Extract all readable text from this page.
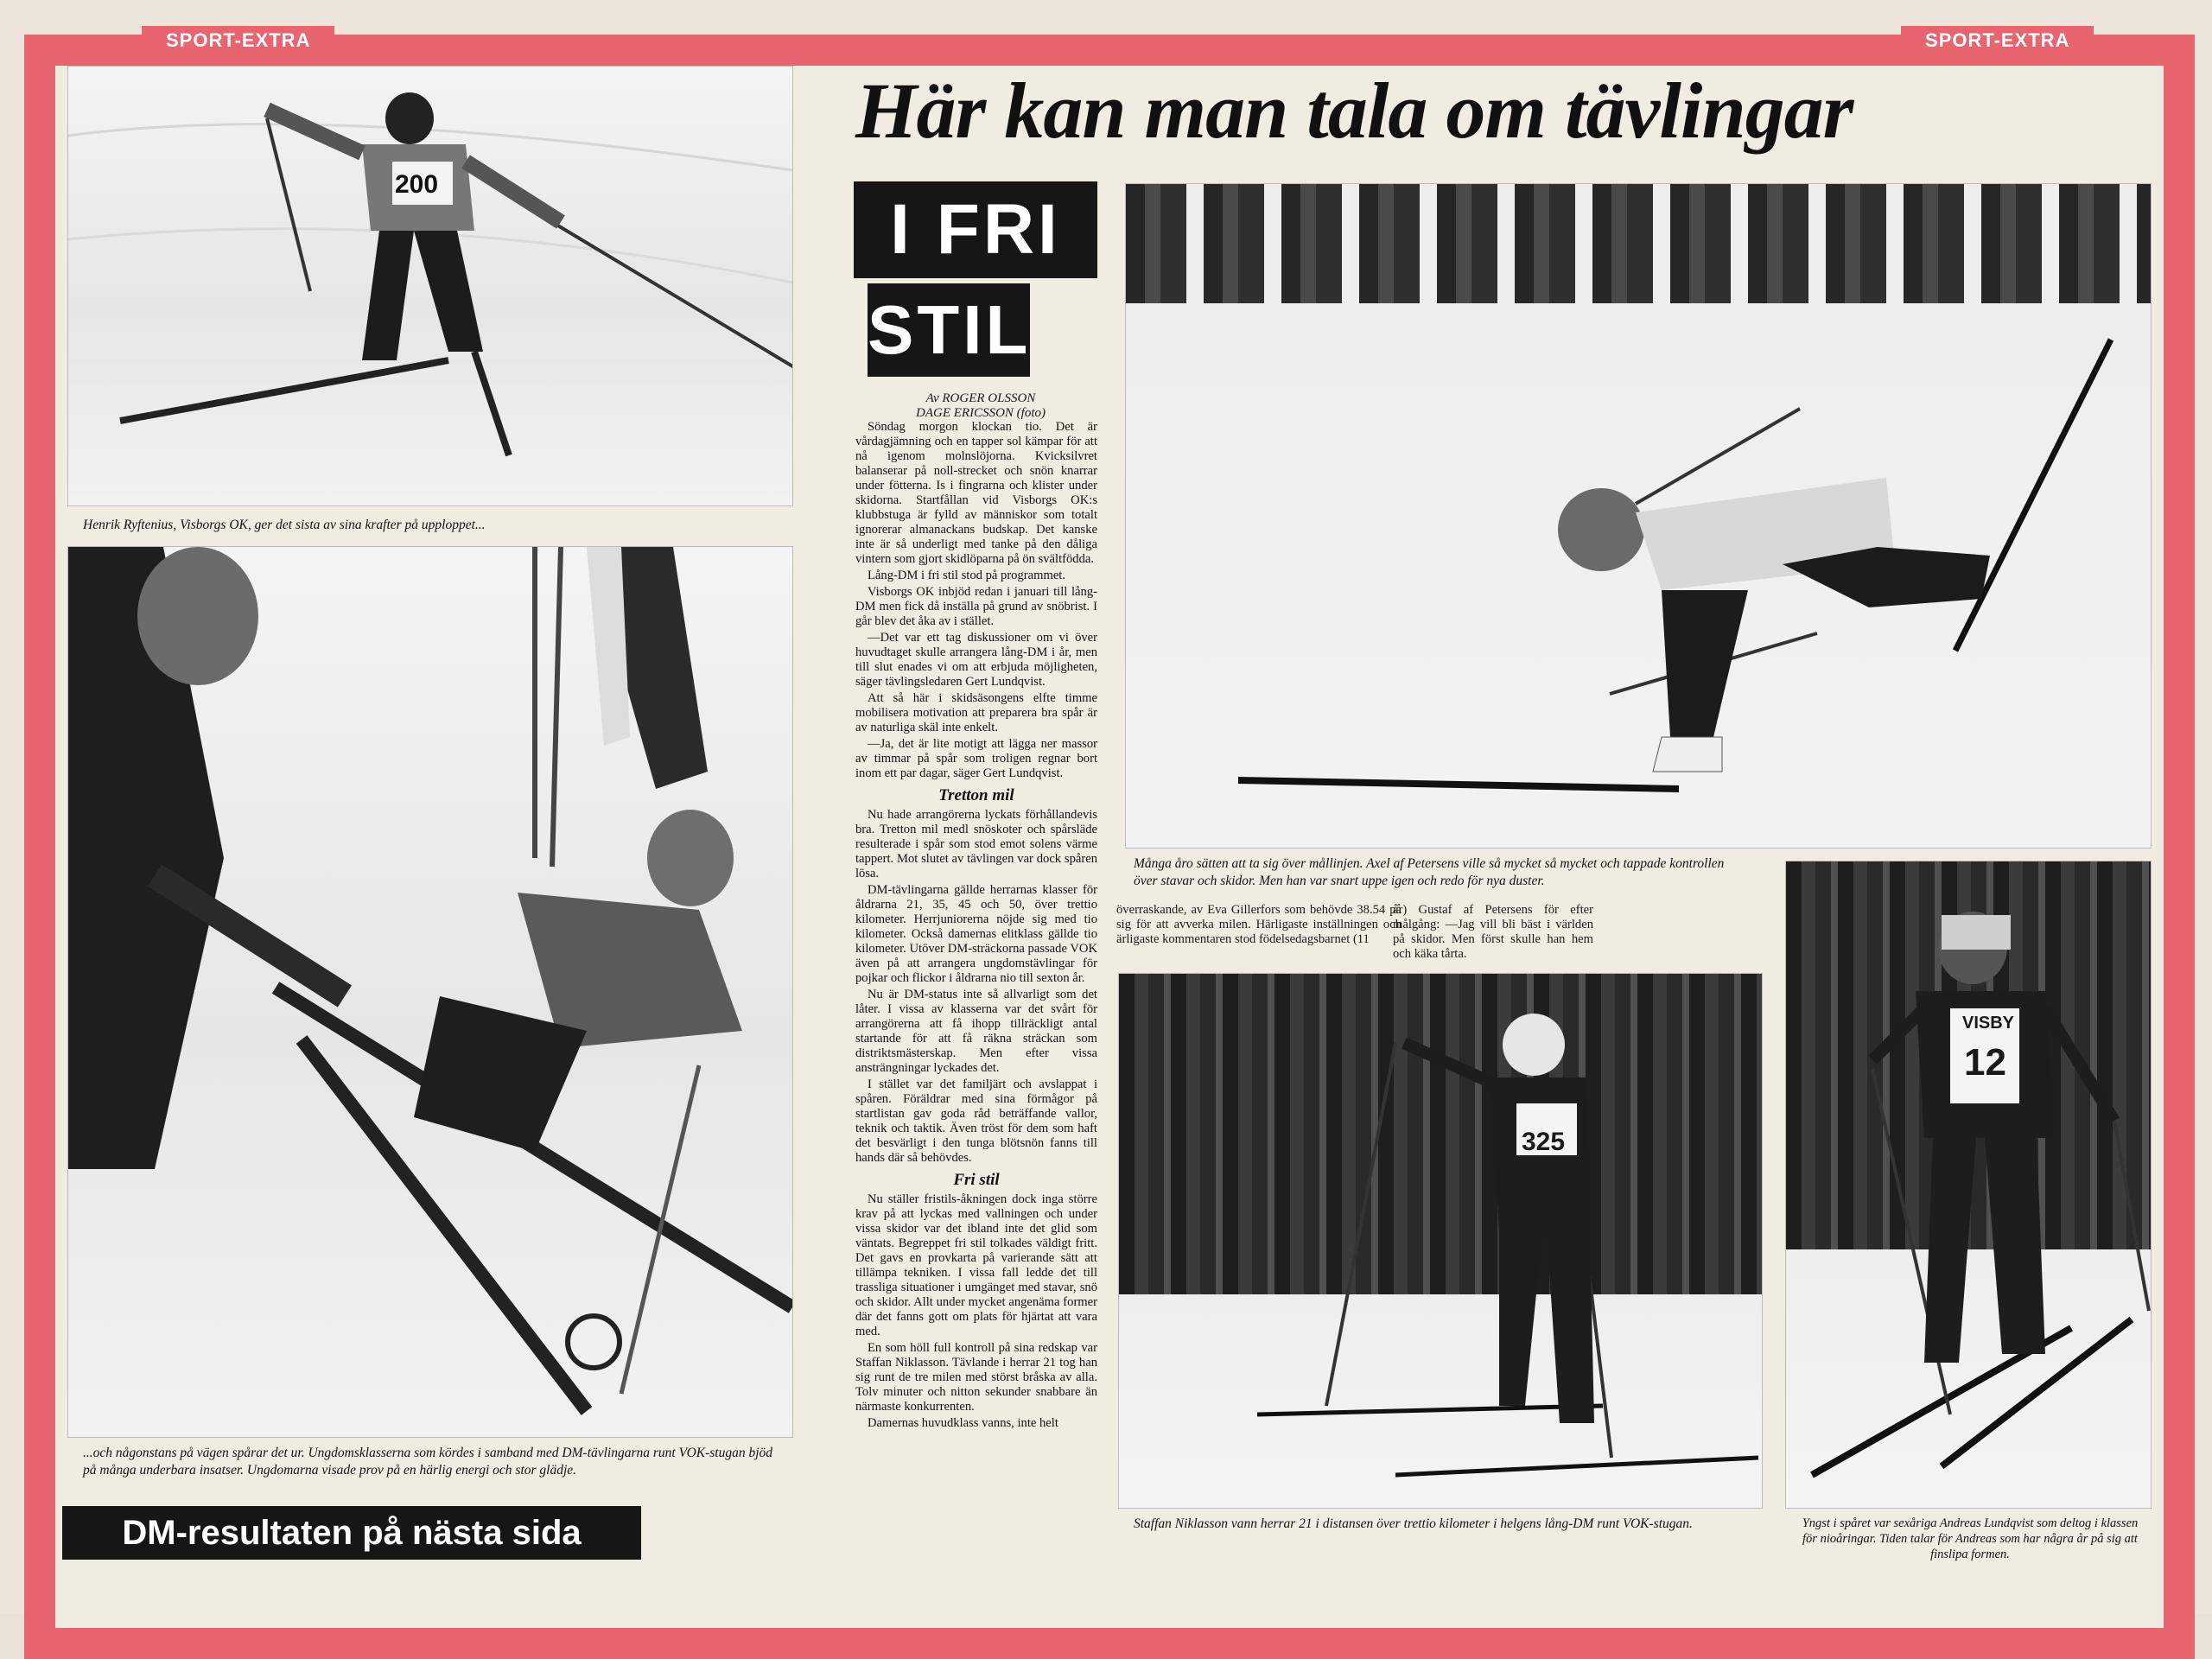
SPORT-EXTRA	SPORT-EXTRA
200
Henrik Ryftenius, Visborgs OK, ger det sista av sina krafter på upploppet...
...och någonstans på vägen spårar det ur. Ungdomsklasserna som kördes i samband med DM-tävlingarna runt VOK-stugan bjöd på många underbara insatser. Ungdomarna visade prov på en härlig energi och stor glädje.
DM-resultaten på nästa sida
Här kan man tala om tävlingar
I FRI
STIL
Av ROGER OLSSON
DAGE ERICSSON (foto)

Söndag morgon klockan tio. Det är vårdagjämning och en tapper sol kämpar för att nå igenom molnslöjorna. Kvicksilvret balanserar på noll-strecket och snön knarrar under fötterna. Is i fingrarna och klister under skidorna. Startfållan vid Visborgs OK:s klubbstuga är fylld av människor som totalt ignorerar almanackans budskap. Det kanske inte är så underligt med tanke på den dåliga vintern som gjort skidlöparna på ön svältfödda.

Lång-DM i fri stil stod på programmet.

Visborgs OK inbjöd redan i januari till lång-DM men fick då inställa på grund av snöbrist. I går blev det åka av i stället.

—Det var ett tag diskussioner om vi över huvudtaget skulle arrangera lång-DM i år, men till slut enades vi om att erbjuda möjligheten, säger tävlingsledaren Gert Lundqvist.

Att så här i skidsäsongens elfte timme mobilisera motivation att preparera bra spår är av naturliga skäl inte enkelt.

—Ja, det är lite motigt att lägga ner massor av timmar på spår som troligen regnar bort inom ett par dagar, säger Gert Lundqvist.

Tretton mil

Nu hade arrangörerna lyckats förhållandevis bra. Tretton mil medl snöskoter och spårsläde resulterade i spår som stod emot solens värme tappert. Mot slutet av tävlingen var dock spåren lösa.

DM-tävlingarna gällde herrarnas klasser för åldrarna 21, 35, 45 och 50, över trettio kilometer. Herrjuniorerna nöjde sig med tio kilometer. Också damernas elitklass gällde tio kilometer. Utöver DM-sträckorna passade VOK även på att arrangera ungdomstävlingar för pojkar och flickor i åldrarna nio till sexton år.

Nu är DM-status inte så allvarligt som det låter. I vissa av klasserna var det svårt för arrangörerna att få ihopp tillräckligt antal startande för att få räkna sträckan som distriktsmästerskap. Men efter vissa ansträngningar lyckades det.

I stället var det familjärt och avslappat i spåren. Föräldrar med sina förmågor på startlistan gav goda råd beträffande vallor, teknik och taktik. Även tröst för dem som haft det besvärligt i den tunga blötsnön fanns till hands där så behövdes.

Fri stil

Nu ställer fristils-åkningen dock inga större krav på att lyckas med vallningen och under vissa skidor var det ibland inte det glid som väntats. Begreppet fri stil tolkades väldigt fritt. Det gavs en provkarta på varierande sätt att tillämpa tekniken. I vissa fall ledde det till trassliga situationer i umgänget med stavar, snö och skidor. Allt under mycket angenäma former där det fanns gott om plats för hjärtat att vara med.

En som höll full kontroll på sina redskap var Staffan Niklasson. Tävlande i herrar 21 tog han sig runt de tre milen med störst bråska av alla. Tolv minuter och nitton sekunder snabbare än närmaste konkurrenten.

Damernas huvudklass vanns, inte helt

Många åro sätten att ta sig över mållinjen. Axel af Petersens ville så mycket så mycket och tappade kontrollen över stavar och skidor. Men han var snart uppe igen och redo för nya duster.

överraskande, av Eva Gillerfors som behövde 38.54 på sig för att avverka milen. Härligaste inställningen och ärligaste kommentaren stod födelsedagsbarnet (11

år) Gustaf af Petersens för efter målgång: —Jag vill bli bäst i världen på skidor. Men först skulle han hem och käka tårta.

325
Staffan Niklasson vann herrar 21 i distansen över trettio kilometer i helgens lång-DM runt VOK-stugan.
VISBY
12
Yngst i spåret var sexåriga Andreas Lundqvist som deltog i klassen för nioåringar. Tiden talar för Andreas som har några år på sig att finslipa formen.
